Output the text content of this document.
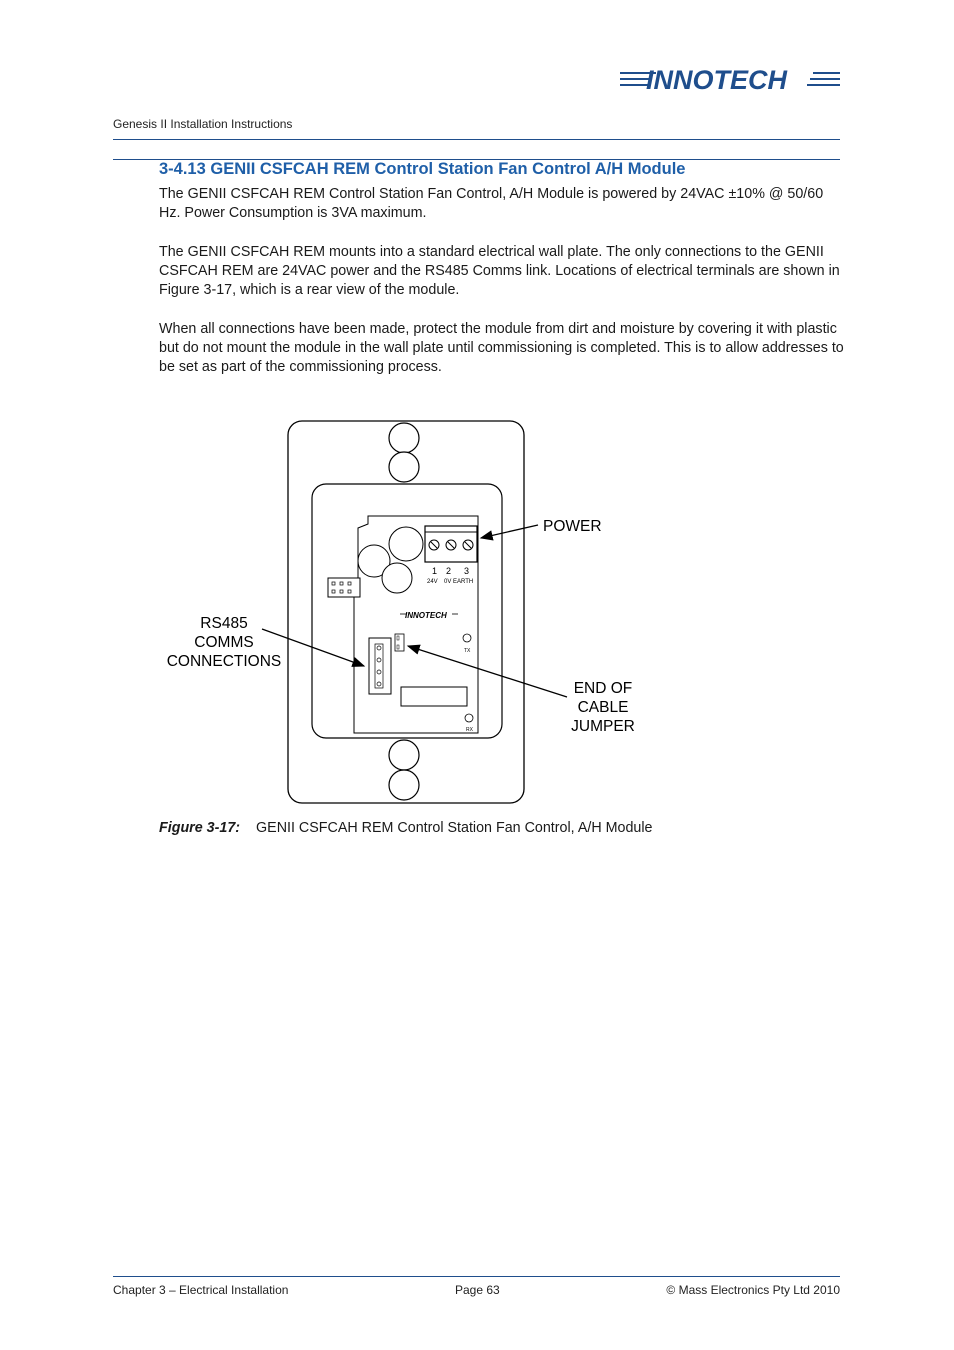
INNOTECH
Genesis II Installation Instructions
3-4.13 GENII CSFCAH REM Control Station Fan Control A/H Module

The GENII CSFCAH REM Control Station Fan Control, A/H Module is powered by 24VAC ±10% @ 50/60 Hz. Power Consumption is 3VA maximum.

The GENII CSFCAH REM mounts into a standard electrical wall plate. The only connections to the GENII CSFCAH REM are 24VAC power and the RS485 Comms link. Locations of electrical terminals are shown in Figure 3-17, which is a rear view of the module.

When all connections have been made, protect the module from dirt and moisture by covering it with plastic but do not mount the module in the wall plate until commissioning is completed. This is to allow addresses to be set as part of the commissioning process.

1 2 3
24V 0V EARTH
INNOTECH
TX
RX
POWER
RS485
COMMS
CONNECTIONS
END OF
CABLE
JUMPER
Figure 3-17: GENII CSFCAH REM Control Station Fan Control, A/H Module
Chapter 3 – Electrical Installation	Page 63	© Mass Electronics Pty Ltd 2010
